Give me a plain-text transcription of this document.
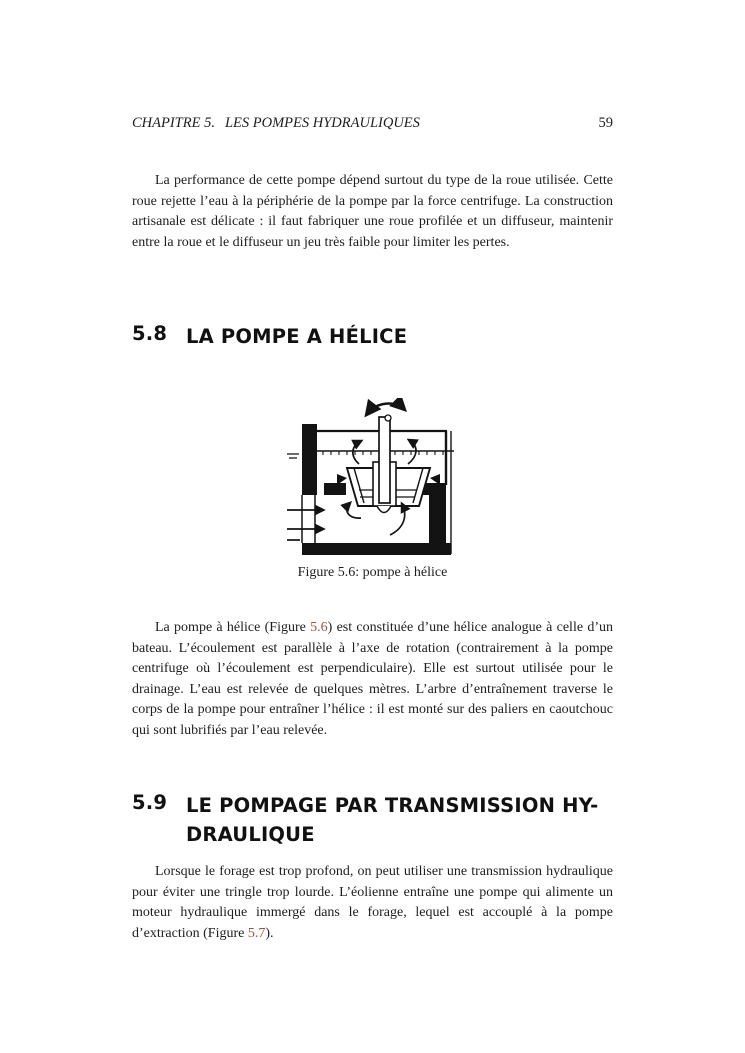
CHAPITRE 5. LES POMPES HYDRAULIQUES	59

La performance de cette pompe dépend surtout du type de la roue utilisée. Cette roue rejette l’eau à la périphérie de la pompe par la force centrifuge. La construction artisanale est délicate : il faut fabriquer une roue profilée et un diffuseur, maintenir entre la roue et le diffuseur un jeu très faible pour limiter les pertes.

5.8 LA POMPE A HÉLICE
Figure 5.6: pompe à hélice

La pompe à hélice (Figure 5.6) est constituée d’une hélice analogue à celle d’un bateau. L’écoulement est parallèle à l’axe de rotation (contrairement à la pompe centrifuge où l’écoulement est perpendiculaire). Elle est surtout utilisée pour le drainage. L’eau est relevée de quelques mètres. L’arbre d’entraînement traverse le corps de la pompe pour entraîner l’hélice : il est monté sur des paliers en caoutchouc qui sont lubrifiés par l’eau relevée.

5.9 LE POMPAGE PAR TRANSMISSION HY-
DRAULIQUE

Lorsque le forage est trop profond, on peut utiliser une transmission hydraulique pour éviter une tringle trop lourde. L’éolienne entraîne une pompe qui alimente un moteur hydraulique immergé dans le forage, lequel est accouplé à la pompe d’extraction (Figure 5.7).
